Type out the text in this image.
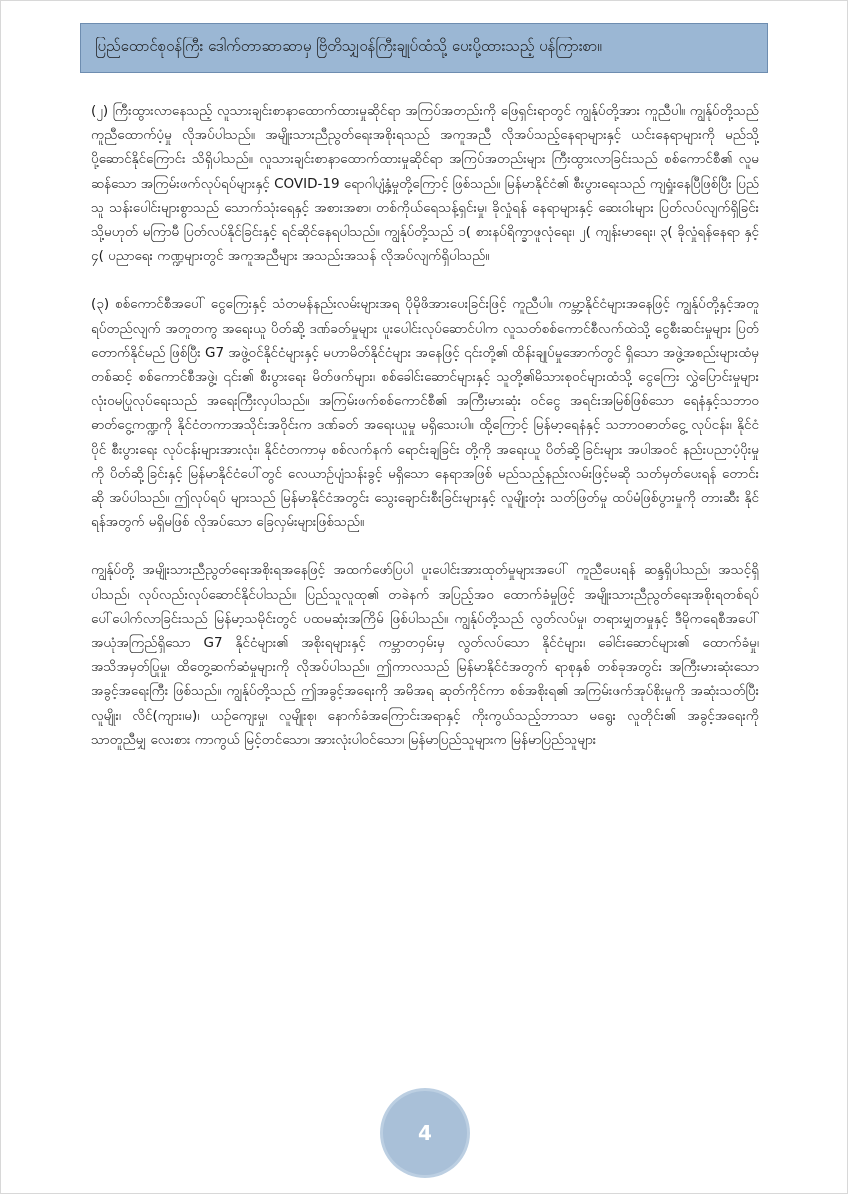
ပြည်ထောင်စုဝန်ကြီး ဒေါက်တာဆာဆာမှ ဗြိတိသျှဝန်ကြီးချုပ်ထံသို့ ပေးပို့ထားသည့် ပန်ကြားစာ။

(၂) ကြီးထွားလာနေသည့် လူသားချင်းစာနာထောက်ထားမှုဆိုင်ရာ အကြပ်အတည်းကို ဖြေရှင်းရာတွင် ကျွန်ုပ်တို့အား ကူညီပါ။ ကျွန်ုပ်တို့သည် ကူညီထောက်ပံ့မှု လိုအပ်ပါသည်။ အမျိုးသားညီညွတ်ရေးအစိုးရသည် အကူအညီ လိုအပ်သည့်နေရာများနှင့် ယင်းနေရာများကို မည်သို့ ပို့ဆောင်နိုင်ကြောင်း သိရှိပါသည်။ လူသားချင်းစာနာထောက်ထားမှုဆိုင်ရာ အကြပ်အတည်းများ ကြီးထွားလာခြင်းသည် စစ်ကောင်စီ၏ လူမဆန်သော အကြမ်းဖက်လုပ်ရပ်များနှင့် COVID-19 ရောဂါပျံ့နှံ့မှုတို့ကြောင့် ဖြစ်သည်။ မြန်မာနိုင်ငံ၏ စီးပွားရေးသည် ကျရှုံးနေပြီဖြစ်ပြီး ပြည်သူ သန်းပေါင်းများစွာသည် သောက်သုံးရေနှင့် အစားအစာ၊ တစ်ကိုယ်ရေသန့်ရှင်းမှု၊ ခိုလှုံရန် နေရာများနှင့် ဆေးဝါးများ ပြတ်လပ်လျက်ရှိခြင်း သို့မဟုတ် မကြာမီ ပြတ်လပ်နိုင်ခြင်းနှင့် ရင်ဆိုင်နေရပါသည်။ ကျွန်ုပ်တို့သည် ၁( စားနပ်ရိက္ခာဖူလုံရေး၊ ၂( ကျန်းမာရေး၊ ၃( ခိုလှုံရန်နေရာ နှင့် ၄( ပညာရေး ကဏ္ဍများတွင် အကူအညီများ အသည်းအသန် လိုအပ်လျက်ရှိပါသည်။

(၃) စစ်ကောင်စီအပေါ် ငွေကြေးနှင့် သံတမန်နည်းလမ်းများအရ ပိုမိုဖိအားပေးခြင်းဖြင့် ကူညီပါ။ ကမ္ဘာ့နိုင်ငံများအနေဖြင့် ကျွန်ုပ်တို့နှင့်အတူ ရပ်တည်လျက် အတူတကွ အရေးယူ ပိတ်ဆို့ ဒဏ်ခတ်မှုများ ပူးပေါင်းလုပ်ဆောင်ပါက လူသတ်စစ်ကောင်စီလက်ထဲသို့ ငွေစီးဆင်းမှုများ ပြတ်တောက်နိုင်မည် ဖြစ်ပြီး G7 အဖွဲ့ဝင်နိုင်ငံများနှင့် မဟာမိတ်နိုင်ငံများ အနေဖြင့် ၎င်းတို့၏ ထိန်းချုပ်မှုအောက်တွင် ရှိသော အဖွဲ့အစည်းများထံမှတစ်ဆင့် စစ်ကောင်စီအဖွဲ့၊ ၎င်း၏ စီးပွားရေး မိတ်ဖက်များ၊ စစ်ခေါင်းဆောင်များနှင့် သူတို့၏မိသားစုဝင်များထံသို့ ငွေကြေး လွှဲပြောင်းမှုများ လုံးဝမပြုလုပ်ရေးသည် အရေးကြီးလှပါသည်။ အကြမ်းဖက်စစ်ကောင်စီ၏ အကြီးမားဆုံး ဝင်ငွေ အရင်းအမြစ်ဖြစ်သော ရေနံနှင့်သဘာဝ ဓာတ်ငွေ့ကဏ္ဍကို နိုင်ငံတကာအသိုင်းအဝိုင်းက ဒဏ်ခတ် အရေးယူမှု မရှိသေးပါ။ ထို့ကြောင့် မြန်မာ့ရေနံနှင့် သဘာဝဓာတ်ငွေ့ လုပ်ငန်း၊ နိုင်ငံပိုင် စီးပွားရေး လုပ်ငန်းများအားလုံး၊ နိုင်ငံတကာမှ စစ်လက်နက် ရောင်းချခြင်း တို့ကို အရေးယူ ပိတ်ဆို့ခြင်းများ အပါအဝင် နည်းပညာပံ့ပိုးမှုကို ပိတ်ဆို့ခြင်းနှင့် မြန်မာနိုင်ငံပေါ်တွင် လေယာဉ်ပျံသန်းခွင့် မရှိသော နေရာအဖြစ် မည်သည့်နည်းလမ်းဖြင့်မဆို သတ်မှတ်ပေးရန် တောင်းဆို အပ်ပါသည်။ ဤလုပ်ရပ် များသည် မြန်မာနိုင်ငံအတွင်း သွေးချောင်းစီးခြင်းများနှင့် လူမျိုးတုံး သတ်ဖြတ်မှု ထပ်မံဖြစ်ပွားမှုကို တားဆီး နိုင်ရန်အတွက် မရှိမဖြစ် လိုအပ်သော ခြေလှမ်းများဖြစ်သည်။

ကျွန်ုပ်တို့ အမျိုးသားညီညွတ်ရေးအစိုးရအနေဖြင့် အထက်ဖော်ပြပါ ပူးပေါင်းအားထုတ်မှုများအပေါ် ကူညီပေးရန် ဆန္ဒရှိပါသည်၊ အသင့်ရှိပါသည်၊ လုပ်လည်းလုပ်ဆောင်နိုင်ပါသည်။ ပြည်သူလူထု၏ တခဲနက် အပြည့်အဝ ထောက်ခံမှုဖြင့် အမျိုးသားညီညွတ်ရေးအစိုးရတစ်ရပ် ပေါ်ပေါက်လာခြင်းသည် မြန်မာ့သမိုင်းတွင် ပထမဆုံးအကြိမ် ဖြစ်ပါသည်။ ကျွန်ုပ်တို့သည် လွတ်လပ်မှု၊ တရားမျှတမှုနှင့် ဒီမိုကရေစီအပေါ် အယုံအကြည်ရှိသော G7 နိုင်ငံများ၏ အစိုးရများနှင့် ကမ္ဘာတဝှမ်းမှ လွတ်လပ်သော နိုင်ငံများ၊ ခေါင်းဆောင်များ၏ ထောက်ခံမှု၊ အသိအမှတ်ပြုမှု၊ ထိတွေ့ဆက်ဆံမှုများကို လိုအပ်ပါသည်။ ဤကာလသည် မြန်မာနိုင်ငံအတွက် ရာစုနှစ် တစ်ခုအတွင်း အကြီးမားဆုံးသော အခွင့်အရေးကြီး ဖြစ်သည်။ ကျွန်ုပ်တို့သည် ဤအခွင့်အရေးကို အမိအရ ဆုတ်ကိုင်ကာ စစ်အစိုးရ၏ အကြမ်းဖက်အုပ်စိုးမှုကို အဆုံးသတ်ပြီး လူမျိုး၊ လိင်(ကျား၊မ)၊ ယဉ်ကျေးမှု၊ လူမျိုးစု၊ နောက်ခံအကြောင်းအရာနှင့် ကိုးကွယ်သည့်ဘာသာ မရွေး လူတိုင်း၏ အခွင့်အရေးကို သာတူညီမျှ လေးစား ကာကွယ် မြင့်တင်သော၊ အားလုံးပါဝင်သော၊ မြန်မာပြည်သူများက မြန်မာပြည်သူများ

4
